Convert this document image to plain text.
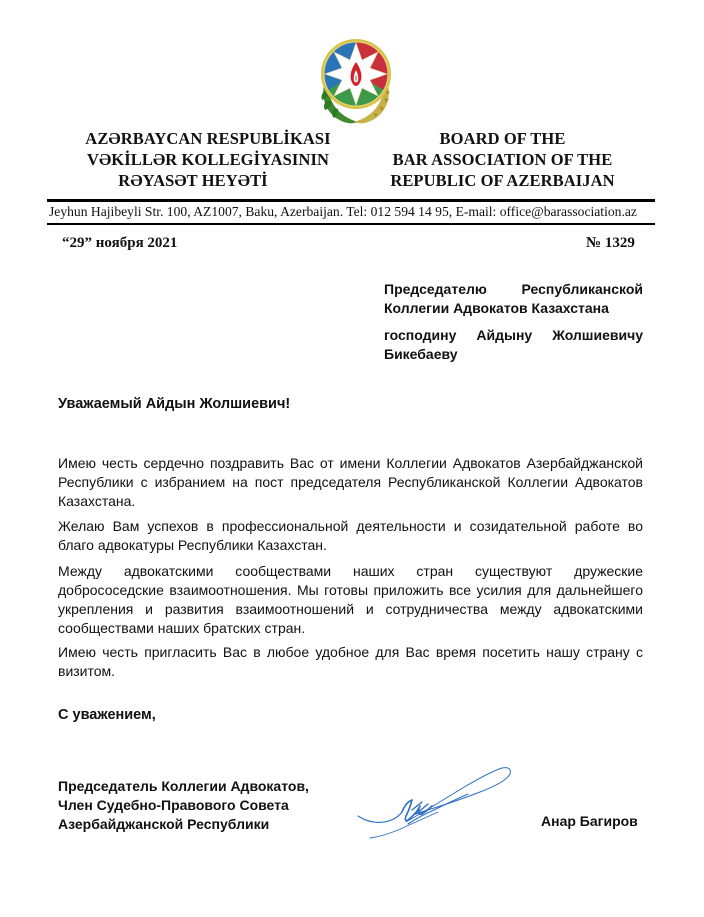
AZƏRBAYCAN RESPUBLİKASI
VƏKİLLƏR KOLLEGİYASININ
RƏYASƏT HEYƏTİ
BOARD OF THE
BAR ASSOCIATION OF THE
REPUBLIC OF AZERBAIJAN
Jeyhun Hajibeyli Str. 100, AZ1007, Baku, Azerbaijan. Tel: 012 594 14 95, E-mail: office@barassociation.az
“29” ноября 2021	№ 1329

Председателю Республиканской

Коллегии Адвокатов Казахстана

господину Айдыну Жолшиевичу

Бикебаеву

Уважаемый Айдын Жолшиевич!

Имею честь сердечно поздравить Вас от имени Коллегии Адвокатов Азербайджанской Республики с избранием на пост председателя Республиканской Коллегии Адвокатов Казахстана.

Желаю Вам успехов в профессиональной деятельности и созидательной работе во благо адвокатуры Республики Казахстан.

Между адвокатскими сообществами наших стран существуют дружеские добрососедские взаимоотношения. Мы готовы приложить все усилия для дальнейшего укрепления и развития взаимоотношений и сотрудничества между адвокатскими сообществами наших братских стран.

Имею честь пригласить Вас в любое удобное для Вас время посетить нашу страну с визитом.

С уважением,
Председатель Коллегии Адвокатов,
Член Судебно-Правового Совета
Азербайджанской Республики	Анар Багиров
